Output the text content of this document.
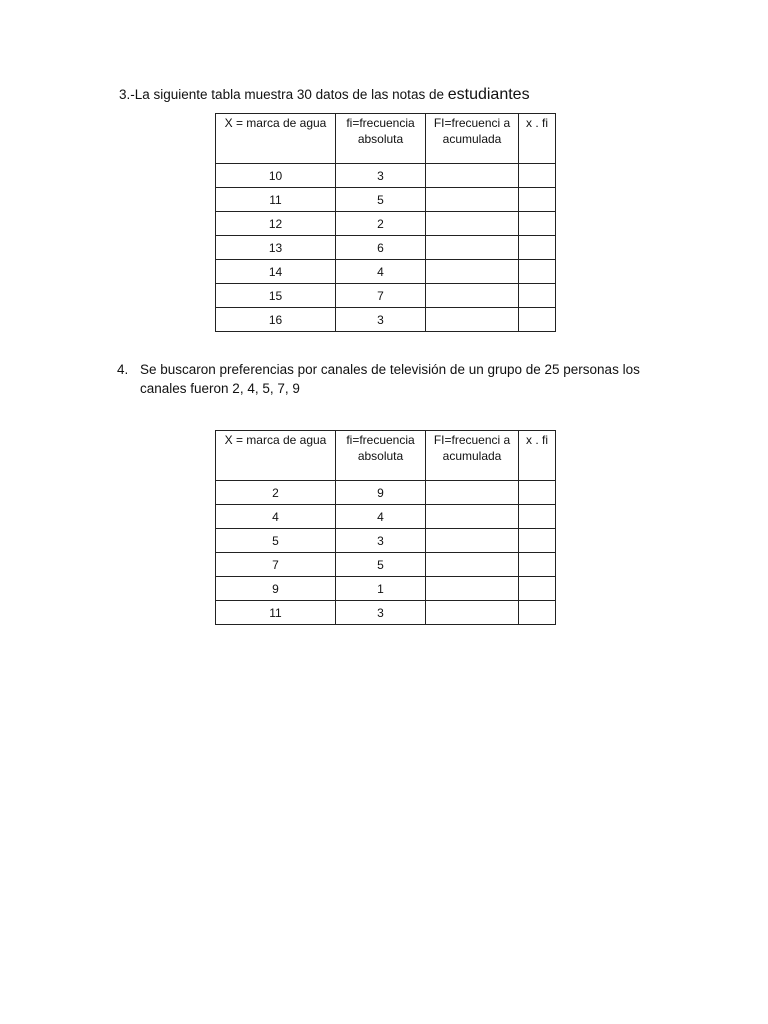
3.-La siguiente tabla muestra 30 datos de las notas de estudiantes
X = marca de agua	fi=frecuencia absoluta	FI=frecuenci a acumulada	x . fi
10	3		
11	5		
12	2		
13	6		
14	4		
15	7		
16	3		
4. Se buscaron preferencias por canales de televisión de un grupo de 25 personas los canales fueron 2, 4, 5, 7, 9
X = marca de agua	fi=frecuencia absoluta	FI=frecuenci a acumulada	x . fi
2	9		
4	4		
5	3		
7	5		
9	1		
11	3		
